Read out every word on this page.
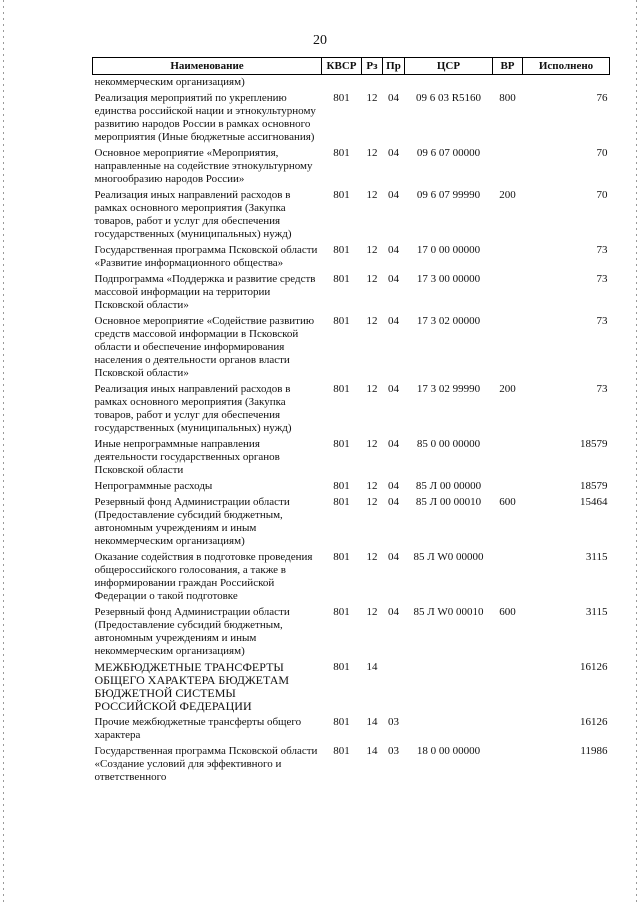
20
Наименование	КВСР	Рз	Пр	ЦСР	ВР	Исполнено
некоммерческим организациям)						
Реализация мероприятий по укреплению единства российской нации и этнокультурному развитию народов России в рамках основного мероприятия (Иные бюджетные ассигнования)	801	12	04	09 6 03 R5160	800	76
Основное мероприятие «Мероприятия, направленные на содействие этнокультурному многообразию народов России»	801	12	04	09 6 07 00000		70
Реализация иных направлений расходов в рамках основного мероприятия (Закупка товаров, работ и услуг для обеспечения государственных (муниципальных) нужд)	801	12	04	09 6 07 99990	200	70
Государственная программа Псковской области «Развитие информационного общества»	801	12	04	17 0 00 00000		73
Подпрограмма «Поддержка и развитие средств массовой информации на территории Псковской области»	801	12	04	17 3 00 00000		73
Основное мероприятие «Содействие развитию средств массовой информации в Псковской области и обеспечение информирования населения о деятельности органов власти Псковской области»	801	12	04	17 3 02 00000		73
Реализация иных направлений расходов в рамках основного мероприятия (Закупка товаров, работ и услуг для обеспечения государственных (муниципальных) нужд)	801	12	04	17 3 02 99990	200	73
Иные непрограммные направления деятельности государственных органов Псковской области	801	12	04	85 0 00 00000		18579
Непрограммные расходы	801	12	04	85 Л 00 00000		18579
Резервный фонд Администрации области (Предоставление субсидий бюджетным, автономным учреждениям и иным некоммерческим организациям)	801	12	04	85 Л 00 00010	600	15464
Оказание содействия в подготовке проведения общероссийского голосования, а также в информировании граждан Российской Федерации о такой подготовке	801	12	04	85 Л W0 00000		3115
Резервный фонд Администрации области (Предоставление субсидий бюджетным, автономным учреждениям и иным некоммерческим организациям)	801	12	04	85 Л W0 00010	600	3115
МЕЖБЮДЖЕТНЫЕ ТРАНСФЕРТЫ ОБЩЕГО ХАРАКТЕРА БЮДЖЕТАМ БЮДЖЕТНОЙ СИСТЕМЫ РОССИЙСКОЙ ФЕДЕРАЦИИ	801	14				16126
Прочие межбюджетные трансферты общего характера	801	14	03			16126
Государственная программа Псковской области «Создание условий для эффективного и ответственного	801	14	03	18 0 00 00000		11986
